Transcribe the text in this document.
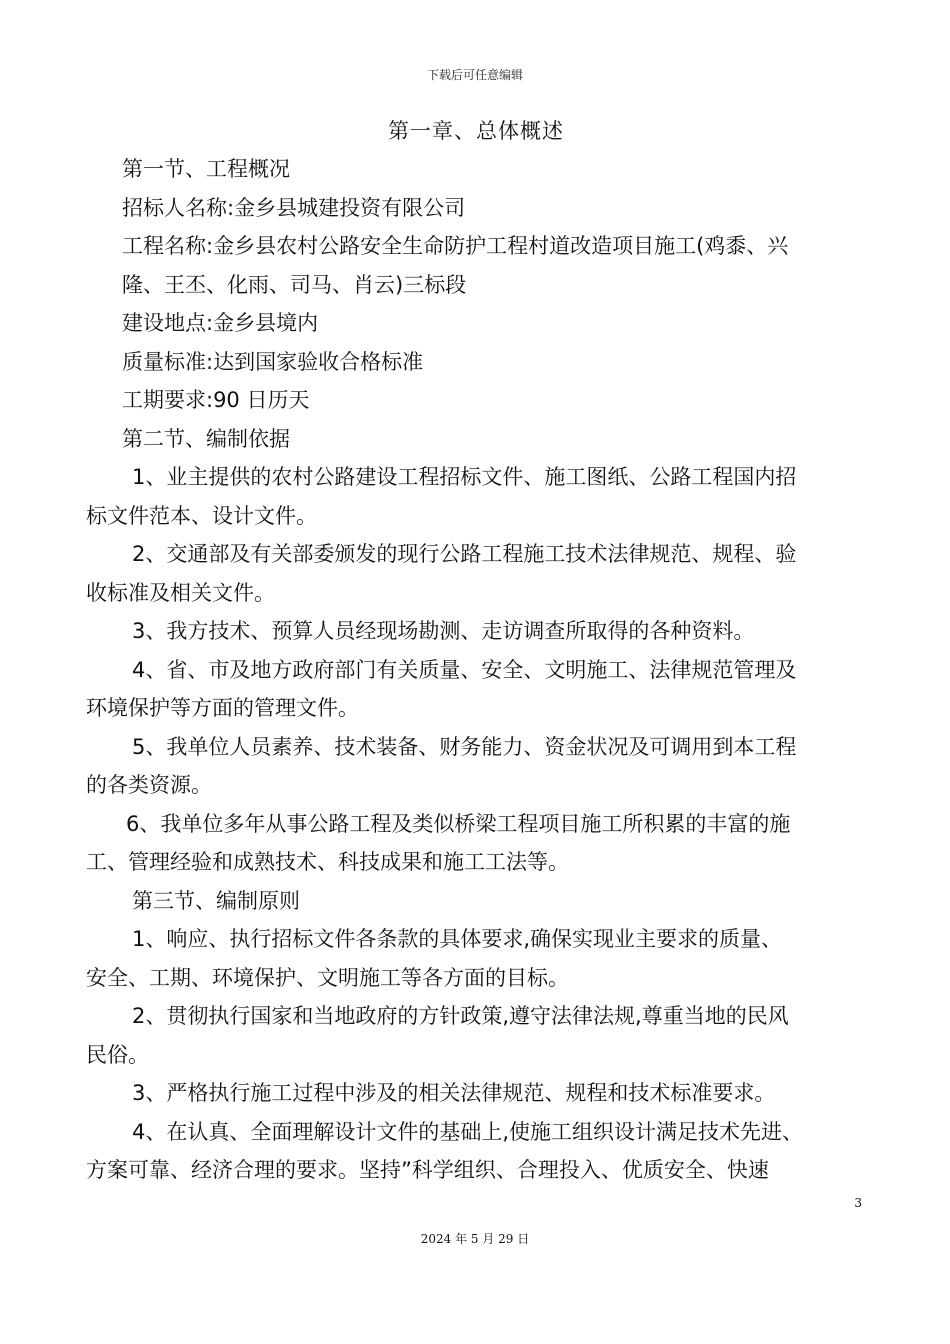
下载后可任意编辑
第一章、总体概述

第一节、工程概况

招标人名称:金乡县城建投资有限公司

工程名称:金乡县农村公路安全生命防护工程村道改造项目施工(鸡黍、兴

隆、王丕、化雨、司马、肖云)三标段

建设地点:金乡县境内

质量标准:达到国家验收合格标准

工期要求:90 日历天

第二节、编制依据

1、业主提供的农村公路建设工程招标文件、施工图纸、公路工程国内招

标文件范本、设计文件。

2、交通部及有关部委颁发的现行公路工程施工技术法律规范、规程、验

收标准及相关文件。

3、我方技术、预算人员经现场勘测、走访调查所取得的各种资料。

4、省、市及地方政府部门有关质量、安全、文明施工、法律规范管理及

环境保护等方面的管理文件。

5、我单位人员素养、技术装备、财务能力、资金状况及可调用到本工程

的各类资源。

6、我单位多年从事公路工程及类似桥梁工程项目施工所积累的丰富的施

工、管理经验和成熟技术、科技成果和施工工法等。

第三节、编制原则

1、响应、执行招标文件各条款的具体要求,确保实现业主要求的质量、

安全、工期、环境保护、文明施工等各方面的目标。

2、贯彻执行国家和当地政府的方针政策,遵守法律法规,尊重当地的民风

民俗。

3、严格执行施工过程中涉及的相关法律规范、规程和技术标准要求。

4、在认真、全面理解设计文件的基础上,使施工组织设计满足技术先进、

方案可靠、经济合理的要求。坚持”科学组织、合理投入、优质安全、快速

3
2024 年 5 月 29 日
